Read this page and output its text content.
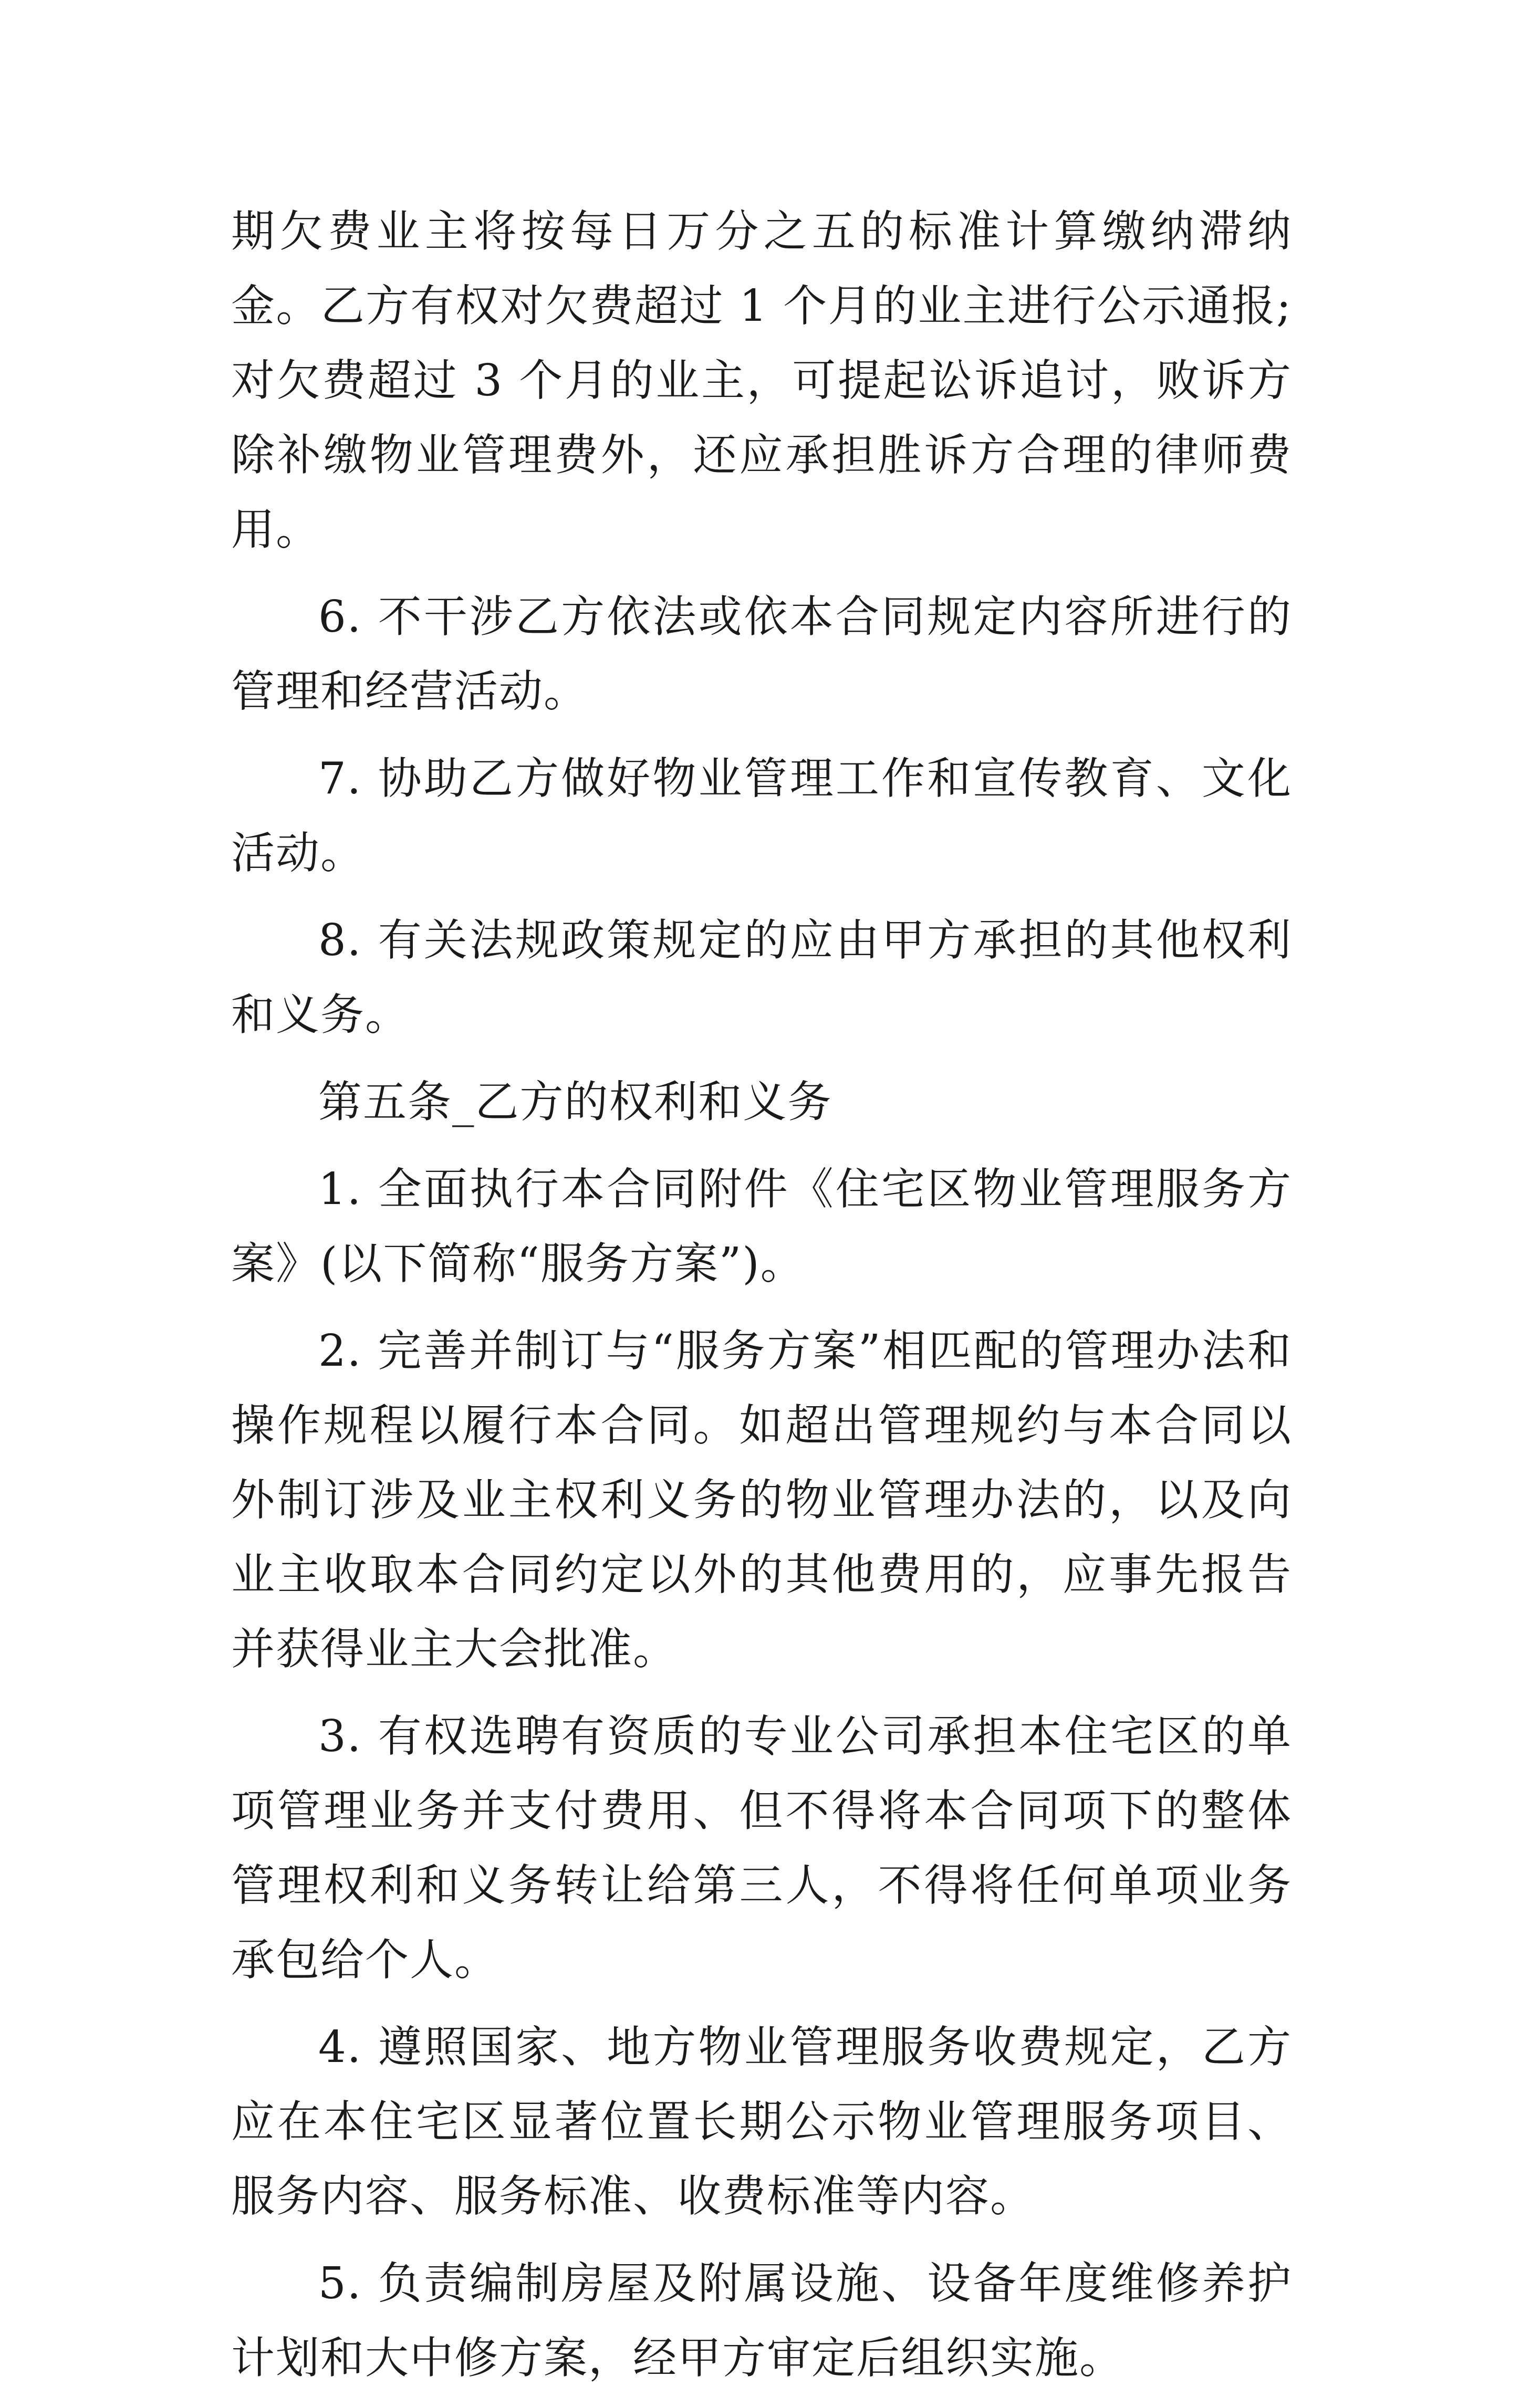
期欠费业主将按每日万分之五的标准计算缴纳滞纳金。乙方有权对欠费超过 1 个月的业主进行公示通报;对欠费超过 3 个月的业主，可提起讼诉追讨，败诉方除补缴物业管理费外，还应承担胜诉方合理的律师费用。

6. 不干涉乙方依法或依本合同规定内容所进行的管理和经营活动。

7. 协助乙方做好物业管理工作和宣传教育、文化活动。

8. 有关法规政策规定的应由甲方承担的其他权利和义务。

第五条_乙方的权利和义务

1. 全面执行本合同附件《住宅区物业管理服务方案》(以下简称“服务方案”)。

2. 完善并制订与“服务方案”相匹配的管理办法和操作规程以履行本合同。如超出管理规约与本合同以外制订涉及业主权利义务的物业管理办法的，以及向业主收取本合同约定以外的其他费用的，应事先报告并获得业主大会批准。

3. 有权选聘有资质的专业公司承担本住宅区的单项管理业务并支付费用、但不得将本合同项下的整体管理权利和义务转让给第三人，不得将任何单项业务承包给个人。

4. 遵照国家、地方物业管理服务收费规定，乙方应在本住宅区显著位置长期公示物业管理服务项目、服务内容、服务标准、收费标准等内容。

5. 负责编制房屋及附属设施、设备年度维修养护计划和大中修方案，经甲方审定后组织实施。
